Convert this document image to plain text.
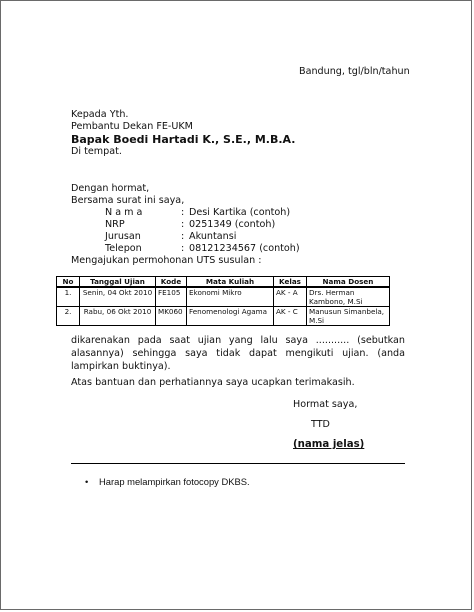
Bandung, tgl/bln/tahun
Kepada Yth.
Pembantu Dekan FE-UKM
Bapak Boedi Hartadi K., S.E., M.B.A.
Di tempat.
Dengan hormat,
Bersama surat ini saya,
N a m a	: Desi Kartika (contoh)
NRP	: 0251349 (contoh)
Jurusan	: Akuntansi
Telepon	: 08121234567 (contoh)
Mengajukan permohonan UTS susulan :
No	Tanggal Ujian	Kode	Mata Kuliah	Kelas	Nama Dosen
1.	Senin, 04 Okt 2010	FE105	Ekonomi Mikro	AK - A	Drs. Herman Kambono, M.Si
2.	Rabu, 06 Okt 2010	MK060	Fenomenologi Agama	AK - C	Manusun Simanbela, M.Si
dikarenakan pada saat ujian yang lalu saya ........... (sebutkan alasannya) sehingga saya tidak dapat mengikuti ujian. (anda lampirkan buktinya).
Atas bantuan dan perhatiannya saya ucapkan terimakasih.
Hormat saya,
TTD
(nama jelas)
• Harap melampirkan fotocopy DKBS.
